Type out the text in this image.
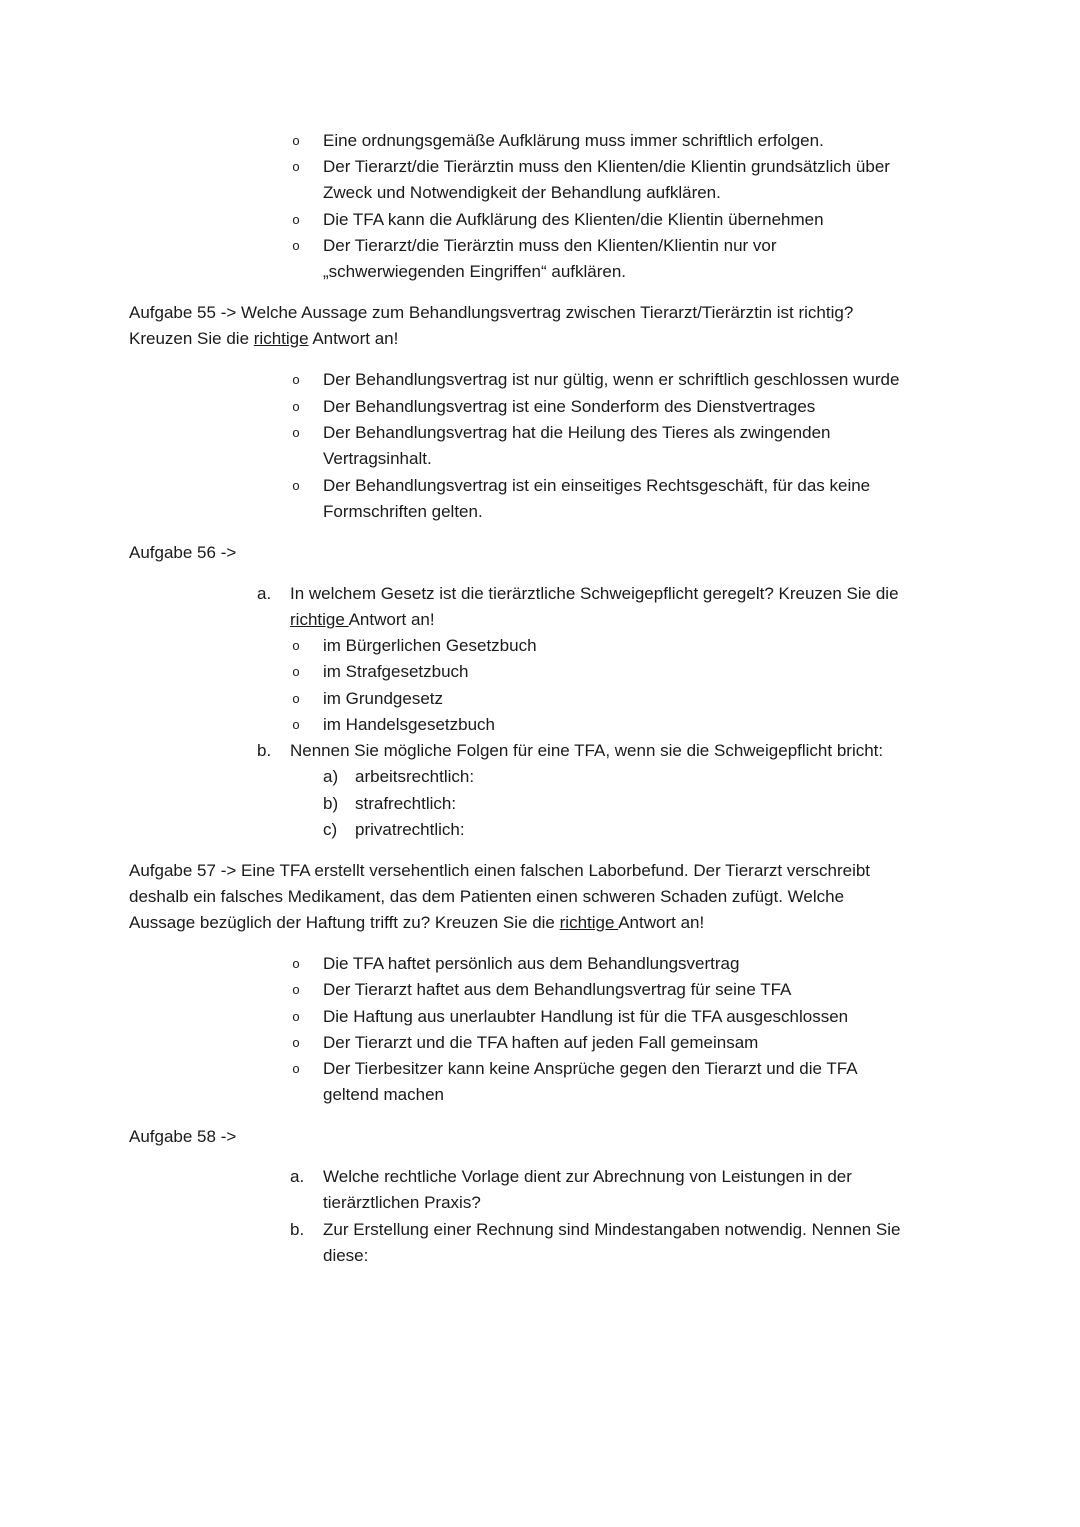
o Eine ordnungsgemäße Aufklärung muss immer schriftlich erfolgen.
o Der Tierarzt/die Tierärztin muss den Klienten/die Klientin grundsätzlich über
Zweck und Notwendigkeit der Behandlung aufklären.
o Die TFA kann die Aufklärung des Klienten/die Klientin übernehmen
o Der Tierarzt/die Tierärztin muss den Klienten/Klientin nur vor
„schwerwiegenden Eingriffen“ aufklären.
Aufgabe 55 -> Welche Aussage zum Behandlungsvertrag zwischen Tierarzt/Tierärztin ist richtig?
Kreuzen Sie die richtige Antwort an!
o Der Behandlungsvertrag ist nur gültig, wenn er schriftlich geschlossen wurde
o Der Behandlungsvertrag ist eine Sonderform des Dienstvertrages
o Der Behandlungsvertrag hat die Heilung des Tieres als zwingenden
Vertragsinhalt.
o Der Behandlungsvertrag ist ein einseitiges Rechtsgeschäft, für das keine
Formschriften gelten.
Aufgabe 56 ->
a. In welchem Gesetz ist die tierärztliche Schweigepflicht geregelt? Kreuzen Sie die
richtige Antwort an!
o im Bürgerlichen Gesetzbuch
o im Strafgesetzbuch
o im Grundgesetz
o im Handelsgesetzbuch
b. Nennen Sie mögliche Folgen für eine TFA, wenn sie die Schweigepflicht bricht:
a) arbeitsrechtlich:
b) strafrechtlich:
c) privatrechtlich:
Aufgabe 57 -> Eine TFA erstellt versehentlich einen falschen Laborbefund. Der Tierarzt verschreibt
deshalb ein falsches Medikament, das dem Patienten einen schweren Schaden zufügt. Welche
Aussage bezüglich der Haftung trifft zu? Kreuzen Sie die richtige Antwort an!
o Die TFA haftet persönlich aus dem Behandlungsvertrag
o Der Tierarzt haftet aus dem Behandlungsvertrag für seine TFA
o Die Haftung aus unerlaubter Handlung ist für die TFA ausgeschlossen
o Der Tierarzt und die TFA haften auf jeden Fall gemeinsam
o Der Tierbesitzer kann keine Ansprüche gegen den Tierarzt und die TFA
geltend machen
Aufgabe 58 ->
a. Welche rechtliche Vorlage dient zur Abrechnung von Leistungen in der
tierärztlichen Praxis?
b. Zur Erstellung einer Rechnung sind Mindestangaben notwendig. Nennen Sie
diese:
